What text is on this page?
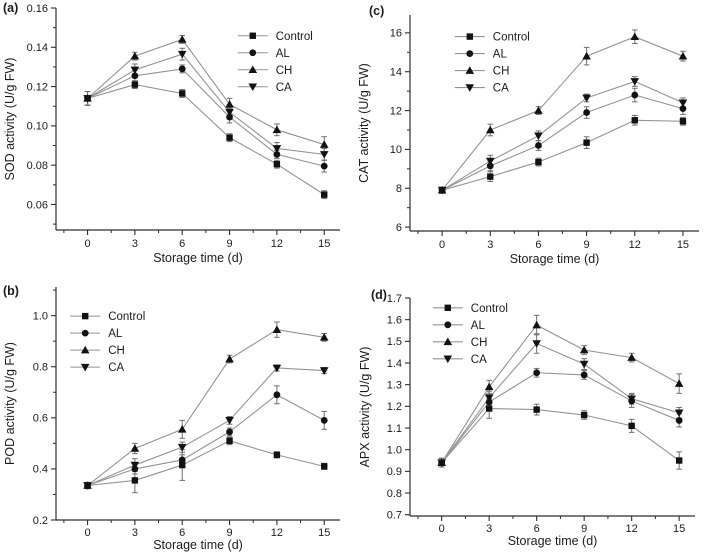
(a)
0	3	6	9	12	15
0.06
0.08
0.10
0.12
0.14
0.16
Storage time (d)
SOD activity (U/g FW)
Control
AL
CH
CA
(c)
0	3	6	9	12	15
6
8
10
12
14
16
Storage time (d)
CAT activity (U/g FW)
Control
AL
CH
CA
(b)
0	3	6	9	12	15
0.2
0.4
0.6
0.8
1.0
Storage time (d)
POD activity (U/g FW)
Control
AL
CH
CA
(d)
0	3	6	9	12	15
0.7
0.8
0.9
1.0
1.1
1.2
1.3
1.4
1.5
1.6
1.7
Storage time (d)
APX activity (U/g FW)
Control
AL
CH
CA
